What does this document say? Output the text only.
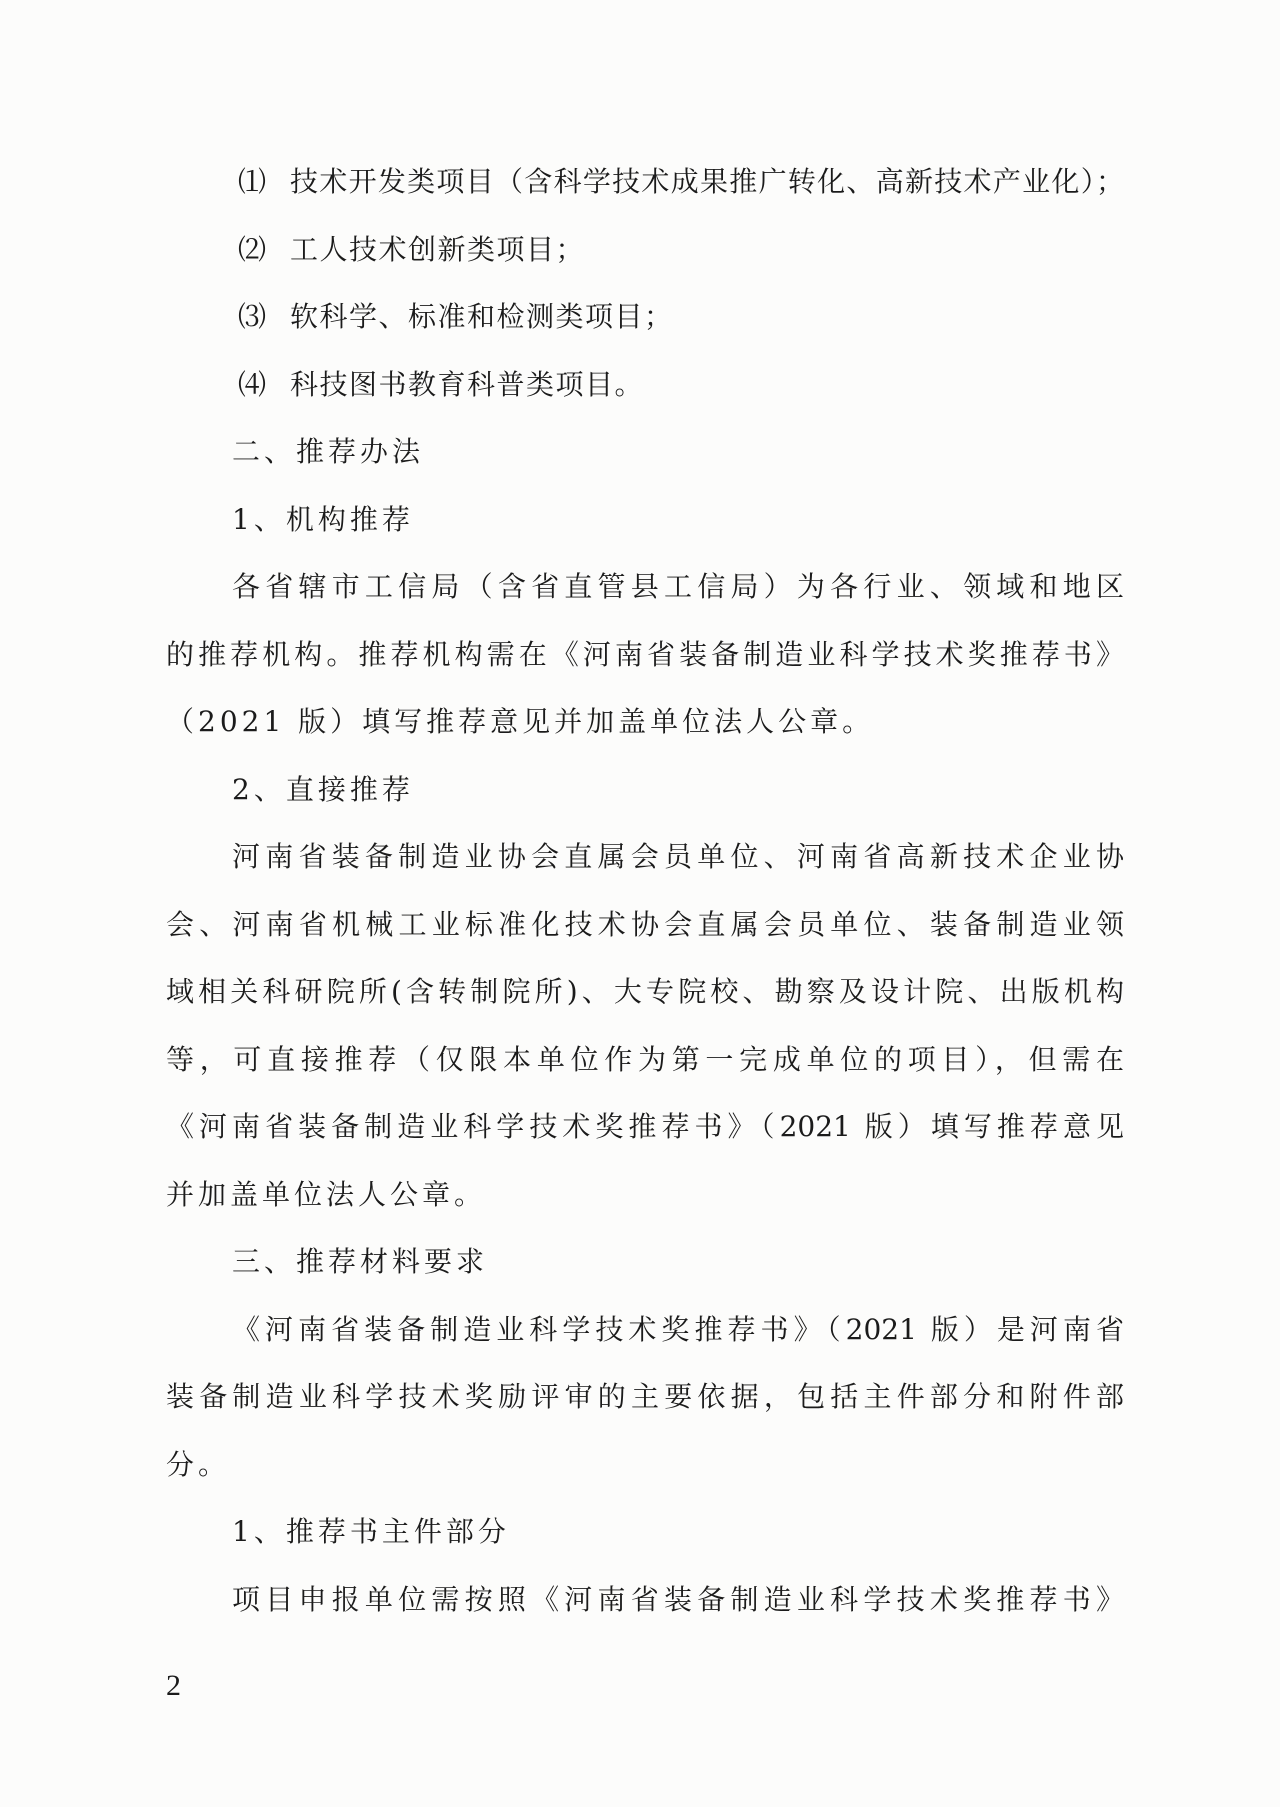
⑴ 技术开发类项目（含科学技术成果推广转化、高新技术产业化）；
⑵ 工人技术创新类项目；
⑶ 软科学、标准和检测类项目；
⑷ 科技图书教育科普类项目。
二、推荐办法
1、机构推荐
各省辖市工信局（含省直管县工信局）为各行业、领域和地区
的推荐机构。推荐机构需在《河南省装备制造业科学技术奖推荐书》
（2021 版）填写推荐意见并加盖单位法人公章。
2、直接推荐
河南省装备制造业协会直属会员单位、河南省高新技术企业协
会、河南省机械工业标准化技术协会直属会员单位、装备制造业领
域相关科研院所(含转制院所)、大专院校、勘察及设计院、出版机构
等，可直接推荐（仅限本单位作为第一完成单位的项目），但需在
《河南省装备制造业科学技术奖推荐书》（2021 版）填写推荐意见
并加盖单位法人公章。
三、推荐材料要求
《河南省装备制造业科学技术奖推荐书》（2021 版）是河南省
装备制造业科学技术奖励评审的主要依据，包括主件部分和附件部
分。
1、推荐书主件部分
项目申报单位需按照《河南省装备制造业科学技术奖推荐书》
2
